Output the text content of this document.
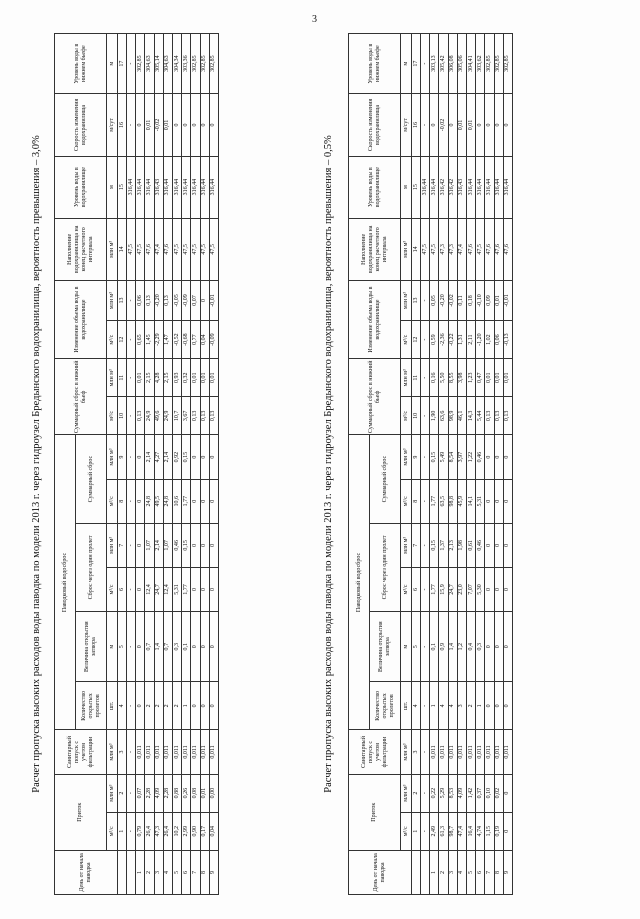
3

Расчет пропуска высоких расходов воды паводка по модели 2013 г. через гидроузел Бредынского водохранилища, вероятность превышения – 3,0%

День от начала паводка	Приток		Санитарный попуск с учетом фильтрации	Паводковый водосброс						Суммарный сброс в нижний бьеф		Изменение объема воды в водохранилище		Наполнение водохранилища на конец расчетного интервала	Уровень воды в водохранилище	Скорость изменения водохранилища	Уровень воды в нижнем бьефе
				Количество открытых пролетов	Величина открытия затвора	Сброс через один пролет		Суммарный сброс									
	м³/с	млн м³	млн м³	шт.	м	м³/с	млн м³	м³/с	млн м³	м³/с	млн м³	м³/с	млн м³	млн м³	м	м/сут	м
	1	2	3	4	5	6	7	8	9	10	11	12	13	14	15	16	17
	-	-	-	-	-	-	-	-	-	-	-	-	-	47,5	316,44	-	-
1	0,79	0,07	0,011	0	0	0	0	0	0	0,13	0,01	0,65	0,06	47,5	316,44	0	302,85
2	26,4	2,28	0,011	2	0,7	12,4	1,07	24,8	2,14	24,9	2,15	1,45	0,13	47,6	316,44	0,01	304,63
3	47,3	4,09	0,011	2	1,4	24,7	2,14	49,5	4,27	49,6	4,28	-2,29	-0,20	47,4	316,43	-0,02	305,14
4	26,4	2,28	0,011	2	0,7	12,4	1,07	24,8	2,14	24,9	2,15	1,47	0,13	47,6	316,44	0,01	304,63
5	10,2	0,88	0,011	2	0,3	5,31	0,46	10,6	0,92	10,7	0,93	-0,52	-0,05	47,5	316,44	0	304,34
6	2,99	0,26	0,011	1	0,1	1,77	0,15	1,77	0,15	3,67	0,32	-0,68	-0,09	47,5	316,44	0	303,36
7	0,90	0,08	0,011	0	0	0	0	0	0	0,13	0,01	0,77	0,07	47,5	316,44	0	302,85
8	0,17	0,01	0,011	0	0	0	0	0	0	0,13	0,01	0,04	0	47,5	316,44	0	302,85
9	0,04	0,00	0,011	0	0	0	0	0	0	0,13	0,01	-0,09	-0,01	47,5	316,44	0	302,85

Расчет пропуска высоких расходов воды паводка по модели 2013 г. через гидроузел Бредынского водохранилища, вероятность превышения – 0,5%

День от начала паводка	Приток		Санитарный попуск с учетом фильтрации	Паводковый водосброс						Суммарный сброс в нижний бьеф		Изменение объема воды в водохранилище		Наполнение водохранилища на конец расчетного интервала	Уровень воды в водохранилище	Скорость изменения водохранилища	Уровень воды в нижнем бьефе
				Количество открытых пролетов	Величина открытия затвора	Сброс через один пролет		Суммарный сброс									
	м³/с	млн м³	млн м³	шт.	м	м³/с	млн м³	м³/с	млн м³	м³/с	млн м³	м³/с	млн м³	млн м³	м	м/сут	м
	1	2	3	4	5	6	7	8	9	10	11	12	13	14	15	16	17
	-	-	-	-	-	-	-	-	-	-	-	-	-	47,5	316,44	-	-
1	2,49	0,22	0,011	1	0,1	1,77	0,15	1,77	0,15	1,90	0,16	0,59	0,05	47,5	316,44	0	303,13
2	61,3	5,29	0,011	4	0,9	15,9	1,37	63,5	5,49	63,6	5,50	-2,36	-0,20	47,3	316,42	-0,02	305,42
3	98,7	8,53	0,011	4	1,4	24,7	2,13	98,8	8,54	98,9	8,55	-0,22	-0,02	47,3	316,42	0	306,08
4	47,4	4,09	0,011	3	1,2	23,0	1,98	45,9	3,97	46,1	3,98	1,31	0,11	47,4	316,43	0,01	305,06
5	16,4	1,42	0,011	2	0,4	7,07	0,61	14,1	1,22	14,3	1,23	2,11	0,18	47,6	316,44	0,01	304,41
6	4,74	0,37	0,011	1	0,3	5,30	0,46	5,31	0,46	5,44	0,47	-1,20	-0,10	47,5	316,44	0	303,62
7	1,15	0,10	0,011	0	0	0	0	0	0	0,13	0,01	1,02	0,09	47,6	316,44	0	302,85
8	0,19	0,02	0,011	0	0	0	0	0	0	0,13	0,01	0,06	0,01	47,6	316,44	0	302,85
9	0	0	0,011	0	0	0	0	0	0	0,13	0,01	-0,13	-0,01	47,6	316,44	0	302,85
